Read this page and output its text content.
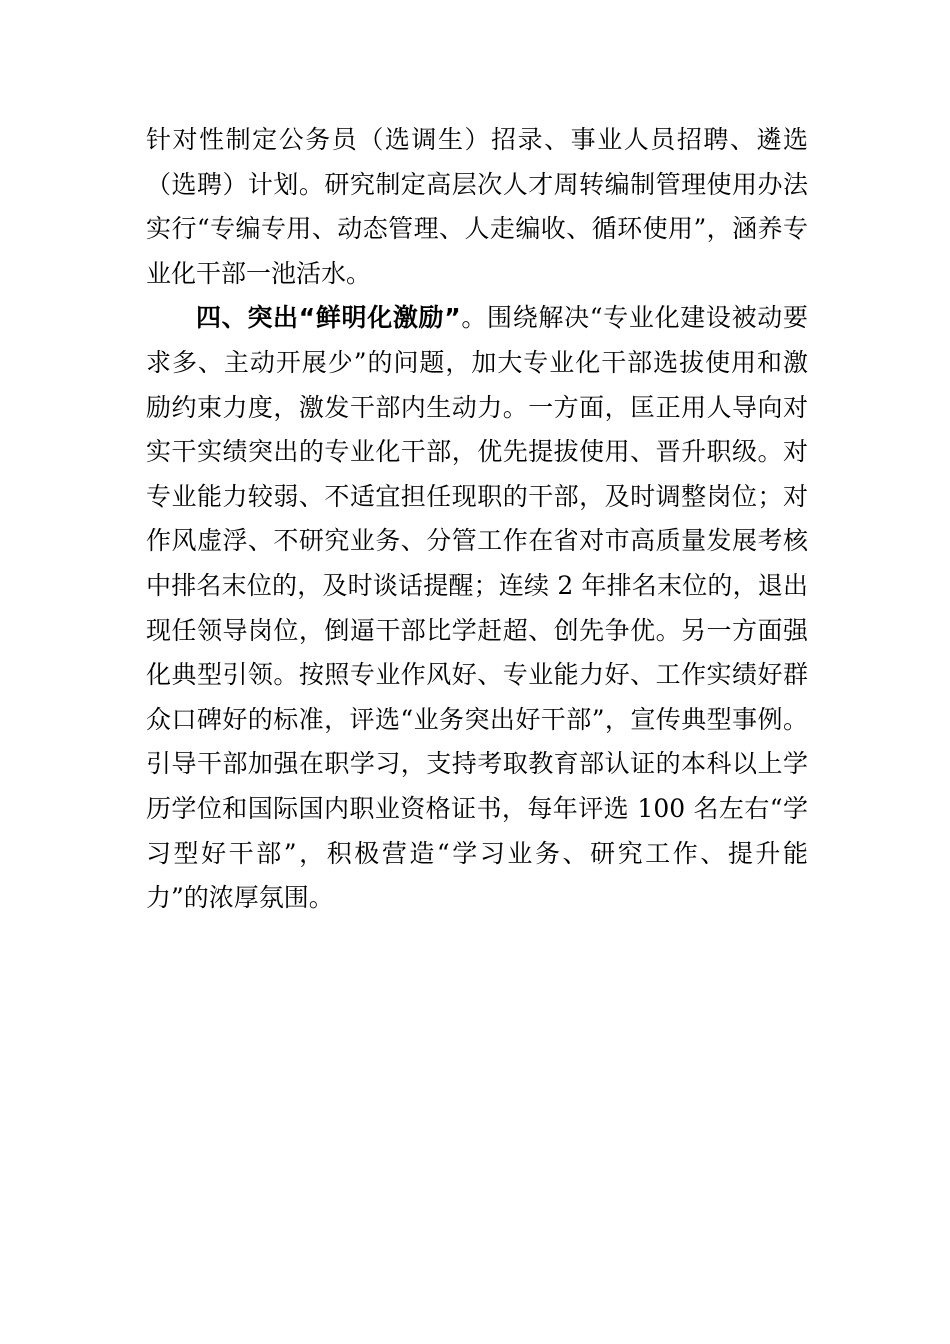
针对性制定公务员（选调生）招录、事业人员招聘、遴选（选聘）计划。研究制定高层次人才周转编制管理使用办法实行“专编专用、动态管理、人走编收、循环使用”，涵养专业化干部一池活水。

四、突出“鲜明化激励”。围绕解决“专业化建设被动要求多、主动开展少”的问题，加大专业化干部选拔使用和激励约束力度，激发干部内生动力。一方面，匡正用人导向对实干实绩突出的专业化干部，优先提拔使用、晋升职级。对专业能力较弱、不适宜担任现职的干部，及时调整岗位；对作风虚浮、不研究业务、分管工作在省对市高质量发展考核中排名末位的，及时谈话提醒；连续 2 年排名末位的，退出现任领导岗位，倒逼干部比学赶超、创先争优。另一方面强化典型引领。按照专业作风好、专业能力好、工作实绩好群众口碑好的标准，评选“业务突出好干部”，宣传典型事例。引导干部加强在职学习，支持考取教育部认证的本科以上学历学位和国际国内职业资格证书，每年评选 100 名左右“学习型好干部”，积极营造“学习业务、研究工作、提升能力”的浓厚氛围。
